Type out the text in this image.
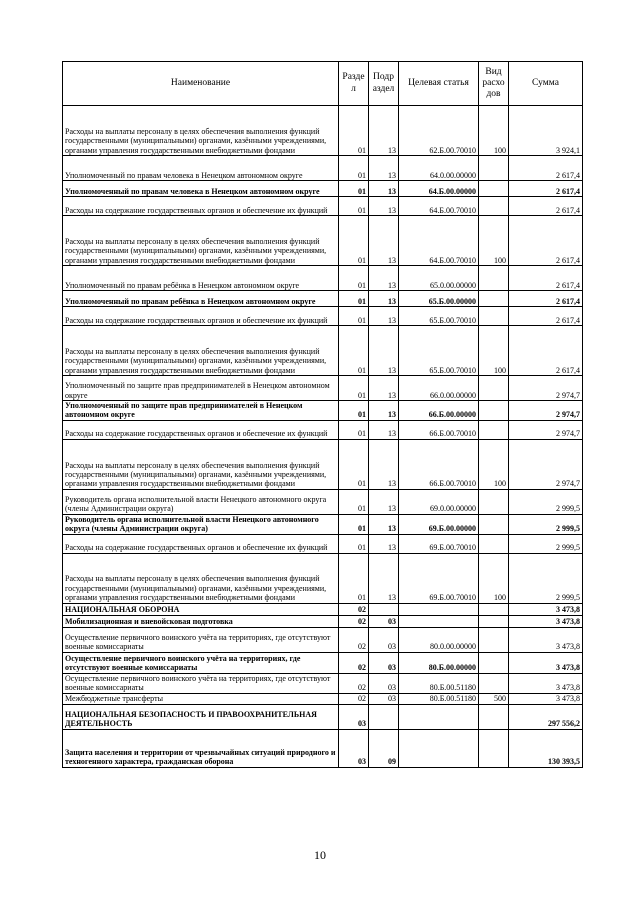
Наименование	Разде л	Подр аздел	Целевая статья	Вид расхо дов	Сумма
Расходы на выплаты персоналу в целях обеспечения выполнения функций государственными (муниципальными) органами, казёнными учреждениями, органами управления государственными внебюджетными фондами	01	13	62.Б.00.70010	100	3 924,1
Уполномоченный по правам человека в Ненецком автономном округе	01	13	64.0.00.00000		2 617,4
Уполномоченный по правам человека в Ненецком автономном округе	01	13	64.Б.00.00000		2 617,4
Расходы на содержание государственных органов и обеспечение их функций	01	13	64.Б.00.70010		2 617,4
Расходы на выплаты персоналу в целях обеспечения выполнения функций государственными (муниципальными) органами, казёнными учреждениями, органами управления государственными внебюджетными фондами	01	13	64.Б.00.70010	100	2 617,4
Уполномоченный по правам ребёнка в Ненецком автономном округе	01	13	65.0.00.00000		2 617,4
Уполномоченный по правам ребёнка в Ненецком автономном округе	01	13	65.Б.00.00000		2 617,4
Расходы на содержание государственных органов и обеспечение их функций	01	13	65.Б.00.70010		2 617,4
Расходы на выплаты персоналу в целях обеспечения выполнения функций государственными (муниципальными) органами, казёнными учреждениями, органами управления государственными внебюджетными фондами	01	13	65.Б.00.70010	100	2 617,4
Уполномоченный по защите прав предпринимателей в Ненецком автономном округе	01	13	66.0.00.00000		2 974,7
Уполномоченный по защите прав предпринимателей в Ненецком автономном округе	01	13	66.Б.00.00000		2 974,7
Расходы на содержание государственных органов и обеспечение их функций	01	13	66.Б.00.70010		2 974,7
Расходы на выплаты персоналу в целях обеспечения выполнения функций государственными (муниципальными) органами, казёнными учреждениями, органами управления государственными внебюджетными фондами	01	13	66.Б.00.70010	100	2 974,7
Руководитель органа исполнительной власти Ненецкого автономного округа (члены Администрации округа)	01	13	69.0.00.00000		2 999,5
Руководитель органа исполнительной власти Ненецкого автономного округа (члены Администрации округа)	01	13	69.Б.00.00000		2 999,5
Расходы на содержание государственных органов и обеспечение их функций	01	13	69.Б.00.70010		2 999,5
Расходы на выплаты персоналу в целях обеспечения выполнения функций государственными (муниципальными) органами, казёнными учреждениями, органами управления государственными внебюджетными фондами	01	13	69.Б.00.70010	100	2 999,5
НАЦИОНАЛЬНАЯ ОБОРОНА	02				3 473,8
Мобилизационная и вневойсковая подготовка	02	03			3 473,8
Осуществление первичного воинского учёта на территориях, где отсутствуют военные комиссариаты	02	03	80.0.00.00000		3 473,8
Осуществление первичного воинского учёта на территориях, где отсутствуют военные комиссариаты	02	03	80.Б.00.00000		3 473,8
Осуществление первичного воинского учёта на территориях, где отсутствуют военные комиссариаты	02	03	80.Б.00.51180		3 473,8
Межбюджетные трансферты	02	03	80.Б.00.51180	500	3 473,8
НАЦИОНАЛЬНАЯ БЕЗОПАСНОСТЬ И ПРАВООХРАНИТЕЛЬНАЯ ДЕЯТЕЛЬНОСТЬ	03				297 556,2
Защита населения и территории от чрезвычайных ситуаций природного и техногенного характера, гражданская оборона	03	09			130 393,5
10
